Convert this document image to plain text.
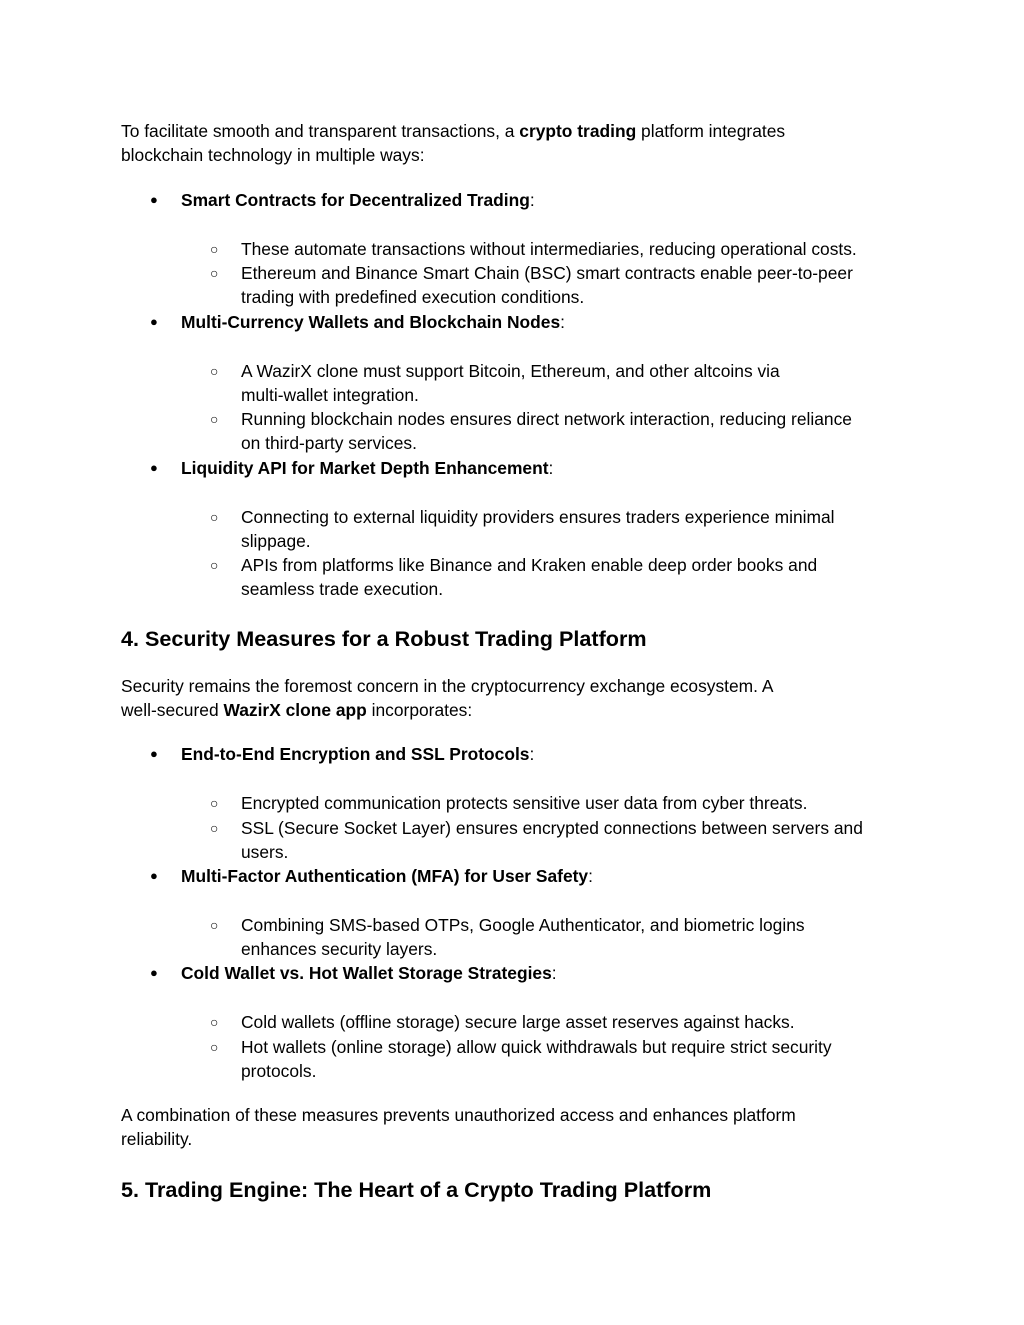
To facilitate smooth and transparent transactions, a crypto trading platform integrates
blockchain technology in multiple ways:

●	Smart Contracts for Decentralized Trading:
○ These automate transactions without intermediaries, reducing operational costs.
○ Ethereum and Binance Smart Chain (BSC) smart contracts enable peer-to-peer
trading with predefined execution conditions.
●	Multi-Currency Wallets and Blockchain Nodes:
○ A WazirX clone must support Bitcoin, Ethereum, and other altcoins via
multi-wallet integration.
○ Running blockchain nodes ensures direct network interaction, reducing reliance
on third-party services.
●	Liquidity API for Market Depth Enhancement:
○ Connecting to external liquidity providers ensures traders experience minimal
slippage.
○ APIs from platforms like Binance and Kraken enable deep order books and
seamless trade execution.
4. Security Measures for a Robust Trading Platform

Security remains the foremost concern in the cryptocurrency exchange ecosystem. A
well-secured WazirX clone app incorporates:

●	End-to-End Encryption and SSL Protocols:
○ Encrypted communication protects sensitive user data from cyber threats.
○ SSL (Secure Socket Layer) ensures encrypted connections between servers and
users.
●	Multi-Factor Authentication (MFA) for User Safety:
○ Combining SMS-based OTPs, Google Authenticator, and biometric logins
enhances security layers.
●	Cold Wallet vs. Hot Wallet Storage Strategies:
○ Cold wallets (offline storage) secure large asset reserves against hacks.
○ Hot wallets (online storage) allow quick withdrawals but require strict security
protocols.

A combination of these measures prevents unauthorized access and enhances platform
reliability.

5. Trading Engine: The Heart of a Crypto Trading Platform
